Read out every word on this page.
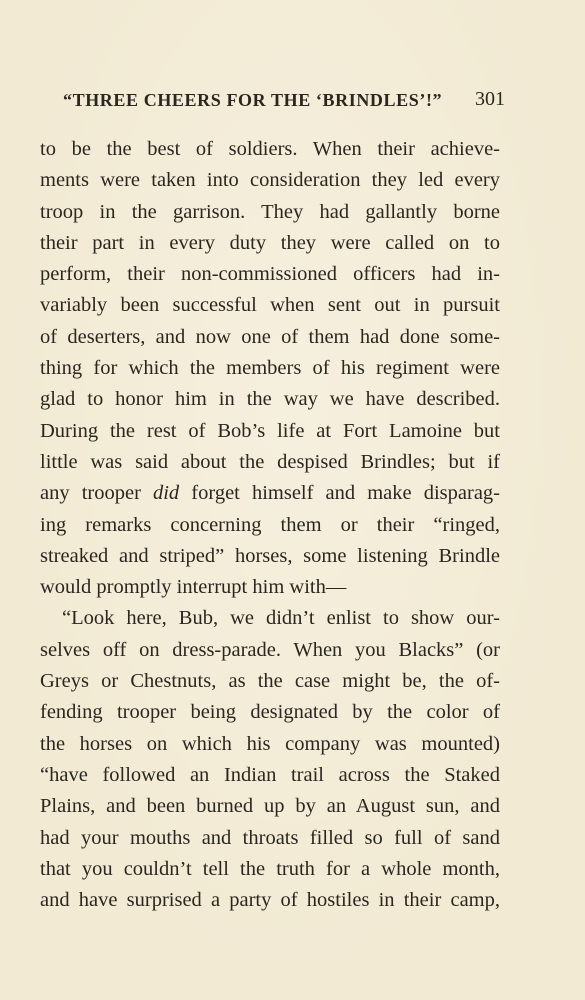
“THREE CHEERS FOR THE ‘BRINDLES’!” 301
to be the best of soldiers. When their achieve-
ments were taken into consideration they led every
troop in the garrison. They had gallantly borne
their part in every duty they were called on to
perform, their non-commissioned officers had in-
variably been successful when sent out in pursuit
of deserters, and now one of them had done some-
thing for which the members of his regiment were
glad to honor him in the way we have described.
During the rest of Bob’s life at Fort Lamoine but
little was said about the despised Brindles; but if
any trooper did forget himself and make disparag-
ing remarks concerning them or their “ringed,
streaked and striped” horses, some listening Brindle
would promptly interrupt him with—
“Look here, Bub, we didn’t enlist to show our-
selves off on dress-parade. When you Blacks” (or
Greys or Chestnuts, as the case might be, the of-
fending trooper being designated by the color of
the horses on which his company was mounted)
“have followed an Indian trail across the Staked
Plains, and been burned up by an August sun, and
had your mouths and throats filled so full of sand
that you couldn’t tell the truth for a whole month,
and have surprised a party of hostiles in their camp,
